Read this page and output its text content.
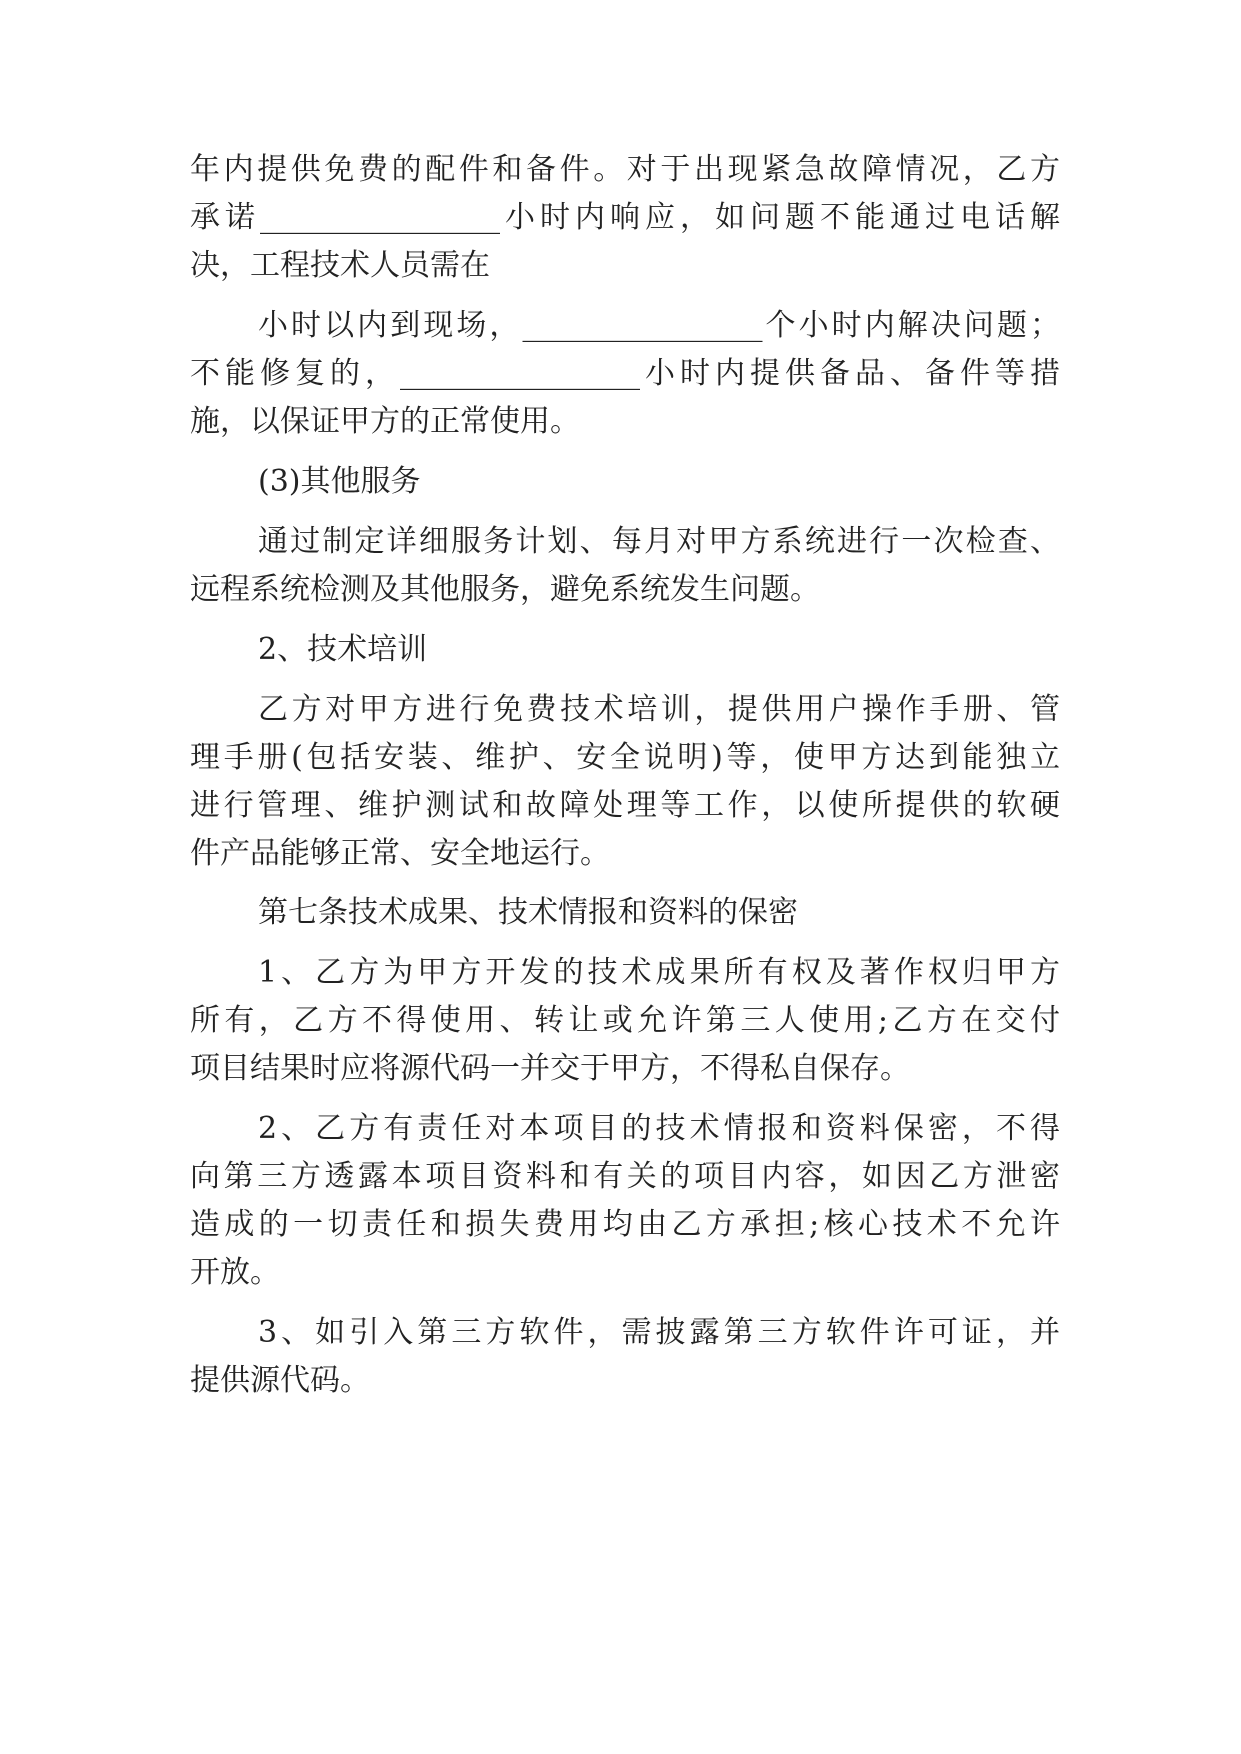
年内提供免费的配件和备件。对于出现紧急故障情况，乙方
承诺________________小时内响应，如问题不能通过电话解
决，工程技术人员需在
小时以内到现场，________________个小时内解决问题；
不能修复的，________________小时内提供备品、备件等措
施，以保证甲方的正常使用。
(3)其他服务
通过制定详细服务计划、每月对甲方系统进行一次检查、
远程系统检测及其他服务，避免系统发生问题。
2、技术培训
乙方对甲方进行免费技术培训，提供用户操作手册、管
理手册(包括安装、维护、安全说明)等，使甲方达到能独立
进行管理、维护测试和故障处理等工作，以使所提供的软硬
件产品能够正常、安全地运行。
第七条技术成果、技术情报和资料的保密
1、乙方为甲方开发的技术成果所有权及著作权归甲方
所有，乙方不得使用、转让或允许第三人使用;乙方在交付
项目结果时应将源代码一并交于甲方，不得私自保存。
2、乙方有责任对本项目的技术情报和资料保密，不得
向第三方透露本项目资料和有关的项目内容，如因乙方泄密
造成的一切责任和损失费用均由乙方承担;核心技术不允许
开放。
3、如引入第三方软件，需披露第三方软件许可证，并
提供源代码。
